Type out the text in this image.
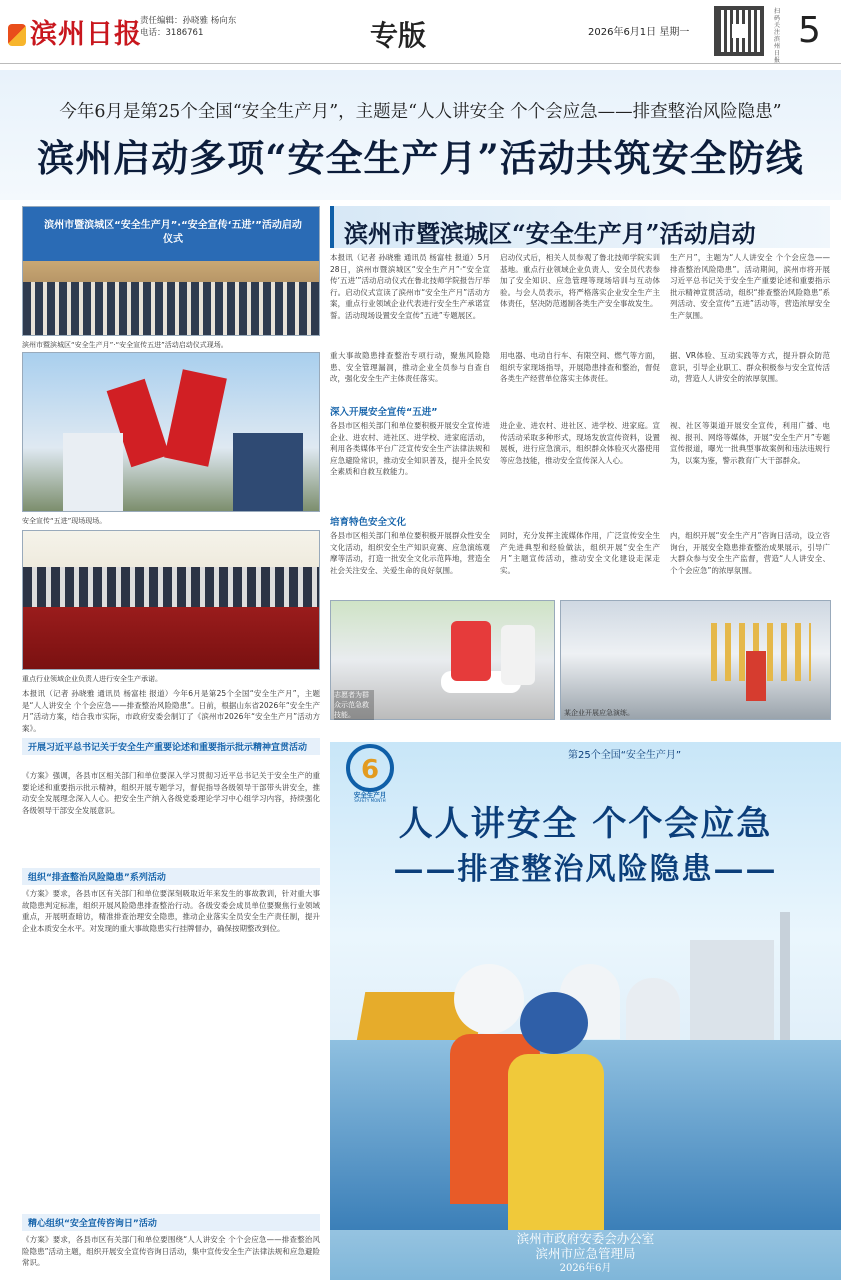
滨州日报
责任编辑：孙晓雅 杨向东
电话：3186761	专版	2026年6月1日 星期一
扫码关注滨州日报
5
今年6月是第25个全国“安全生产月”，主题是“人人讲安全 个个会应急——排查整治风险隐患”
滨州启动多项“安全生产月”活动共筑安全防线
滨州市暨滨城区“安全生产月”·“安全宣传‘五进’”活动启动仪式
滨州市暨滨城区“安全生产月”·“安全宣传五进”活动启动仪式现场。
安全宣传“五进”现场现场。
重点行业领域企业负责人进行安全生产承诺。
本报讯（记者 孙晓雅 通讯员 杨富桂 报道）今年6月是第25个全国“安全生产月”，主题是“人人讲安全 个个会应急——排查整治风险隐患”。日前，根据山东省2026年“安全生产月”活动方案，结合我市实际，市政府安委会制订了《滨州市2026年“安全生产月”活动方案》。
开展习近平总书记关于安全生产重要论述和重要指示批示精神宣贯活动
《方案》强调，各县市区相关部门和单位要深入学习贯彻习近平总书记关于安全生产的重要论述和重要指示批示精神，组织开展专题学习，督促指导各级领导干部带头讲安全，推动安全发展理念深入人心。把安全生产纳入各级党委理论学习中心组学习内容，持续强化各级领导干部安全发展意识。
组织“排查整治风险隐患”系列活动
《方案》要求，各县市区有关部门和单位要深刻吸取近年来发生的事故教训，针对重大事故隐患判定标准，组织开展风险隐患排查整治行动。各级安委会成员单位要聚焦行业领域重点，开展明查暗访，精准排查治理安全隐患，推动企业落实全员安全生产责任制，提升企业本质安全水平。对发现的重大事故隐患实行挂牌督办，确保按期整改到位。
精心组织“安全宣传咨询日”活动
《方案》要求，各县市区有关部门和单位要围绕“人人讲安全 个个会应急——排查整治风险隐患”活动主题，组织开展安全宣传咨询日活动，集中宣传安全生产法律法规和应急避险常识。
滨州市暨滨城区“安全生产月”活动启动
本报讯（记者 孙晓雅 通讯员 杨富桂 报道）5月28日，滨州市暨滨城区“安全生产月”·“安全宣传‘五进’”活动启动仪式在鲁北技师学院报告厅举行。启动仪式宣读了滨州市“安全生产月”活动方案，重点行业领域企业代表进行安全生产承诺宣誓。活动现场设置安全宣传“五进”专题展区。
启动仪式后，相关人员参观了鲁北技师学院实训基地。重点行业领域企业负责人、安全员代表参加了安全知识、应急管理等现场培训与互动体验。与会人员表示，将严格落实企业安全生产主体责任，坚决防范遏制各类生产安全事故发生。
生产月”，主题为“人人讲安全 个个会应急——排查整治风险隐患”。活动期间，滨州市将开展习近平总书记关于安全生产重要论述和重要指示批示精神宣贯活动，组织“排查整治风险隐患”系列活动、安全宣传“五进”活动等，营造浓厚安全生产氛围。
重大事故隐患排查整治专项行动，聚焦风险隐患、安全管理漏洞，推动企业全员参与自查自改，强化安全生产主体责任落实。
用电器、电动自行车、有限空间、燃气等方面，组织专家现场指导，开展隐患排查和整治，督促各类生产经营单位落实主体责任。
据、VR体验、互动实践等方式，提升群众防范意识，引导企业职工、群众积极参与安全宣传活动，营造人人讲安全的浓厚氛围。
深入开展安全宣传“五进”
各县市区相关部门和单位要积极开展安全宣传进企业、进农村、进社区、进学校、进家庭活动，利用各类媒体平台广泛宣传安全生产法律法规和应急避险常识，推动安全知识普及，提升全民安全素质和自救互救能力。
进企业、进农村、进社区、进学校、进家庭。宣传活动采取多种形式，现场发放宣传资料，设置展板，进行应急演示，组织群众体验灭火器使用等应急技能，推动安全宣传深入人心。
视、社区等渠道开展安全宣传，利用广播、电视、报刊、网络等媒体，开展“安全生产月”专题宣传报道，曝光一批典型事故案例和违法违规行为，以案为鉴，警示教育广大干部群众。
培育特色安全文化
各县市区相关部门和单位要积极开展群众性安全文化活动，组织安全生产知识竞赛、应急演练观摩等活动，打造一批安全文化示范阵地，营造全社会关注安全、关爱生命的良好氛围。
同时，充分发挥主流媒体作用，广泛宣传安全生产先进典型和经验做法，组织开展“安全生产月”主题宣传活动，推动安全文化建设走深走实。
内，组织开展“安全生产月”咨询日活动，设立咨询台，开展安全隐患排查整治成果展示，引导广大群众参与安全生产监督，营造“人人讲安全、个个会应急”的浓厚氛围。
志愿者为群众示范急救技能。	某企业开展应急演练。
6
安全生产月
SAFETY MONTH
第25个全国“安全生产月”
人人讲安全 个个会应急
——排查整治风险隐患——
滨州市政府安委会办公室
滨州市应急管理局
2026年6月
